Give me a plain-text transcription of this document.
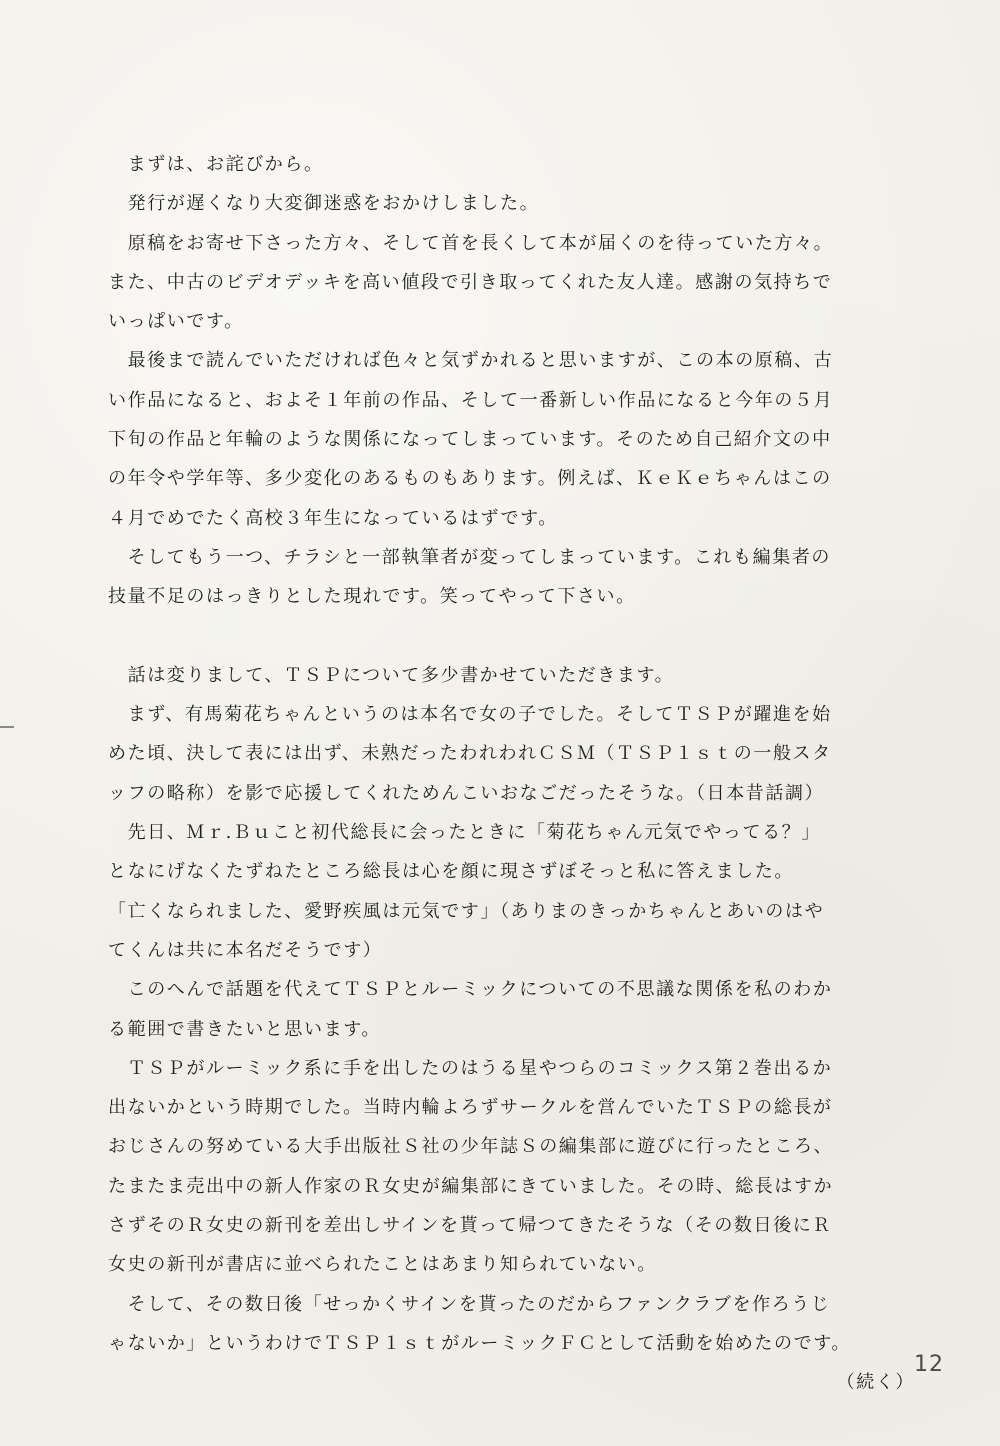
　まずは、お詫びから。
　発行が遅くなり大変御迷惑をおかけしました。
　原稿をお寄せ下さった方々、そして首を長くして本が届くのを待っていた方々。
また、中古のビデオデッキを高い値段で引き取ってくれた友人達。感謝の気持ちで
いっぱいです。
　最後まで読んでいただければ色々と気ずかれると思いますが、この本の原稿、古
い作品になると、およそ１年前の作品、そして一番新しい作品になると今年の５月
下旬の作品と年輪のような関係になってしまっています。そのため自己紹介文の中
の年令や学年等、多少変化のあるものもあります。例えば、ＫｅＫｅちゃんはこの
４月でめでたく高校３年生になっているはずです。
　そしてもう一つ、チラシと一部執筆者が変ってしまっています。これも編集者の
技量不足のはっきりとした現れです。笑ってやって下さい。
　話は変りまして、ＴＳＰについて多少書かせていただきます。
　まず、有馬菊花ちゃんというのは本名で女の子でした。そしてＴＳＰが躍進を始
めた頃、決して表には出ず、未熟だったわれわれＣＳＭ（ＴＳＰ１ｓｔの一般スタ
ッフの略称）を影で応援してくれためんこいおなごだったそうな。（日本昔話調）
　先日、Ｍｒ.Ｂｕこと初代総長に会ったときに「菊花ちゃん元気でやってる？」
となにげなくたずねたところ総長は心を顔に現さずぼそっと私に答えました。
「亡くなられました、愛野疾風は元気です」（ありまのきっかちゃんとあいのはや
てくんは共に本名だそうです）
　このへんで話題を代えてＴＳＰとルーミックについての不思議な関係を私のわか
る範囲で書きたいと思います。
　ＴＳＰがルーミック系に手を出したのはうる星やつらのコミックス第２巻出るか
出ないかという時期でした。当時内輪よろずサークルを営んでいたＴＳＰの総長が
おじさんの努めている大手出版社Ｓ社の少年誌Ｓの編集部に遊びに行ったところ、
たまたま売出中の新人作家のＲ女史が編集部にきていました。その時、総長はすか
さずそのＲ女史の新刊を差出しサインを貰って帰つてきたそうな（その数日後にＲ
女史の新刊が書店に並べられたことはあまり知られていない。
　そして、その数日後「せっかくサインを貰ったのだからファンクラブを作ろうじ
ゃないか」というわけでＴＳＰ１ｓｔがルーミックＦＣとして活動を始めたのです。
（続く）
12
